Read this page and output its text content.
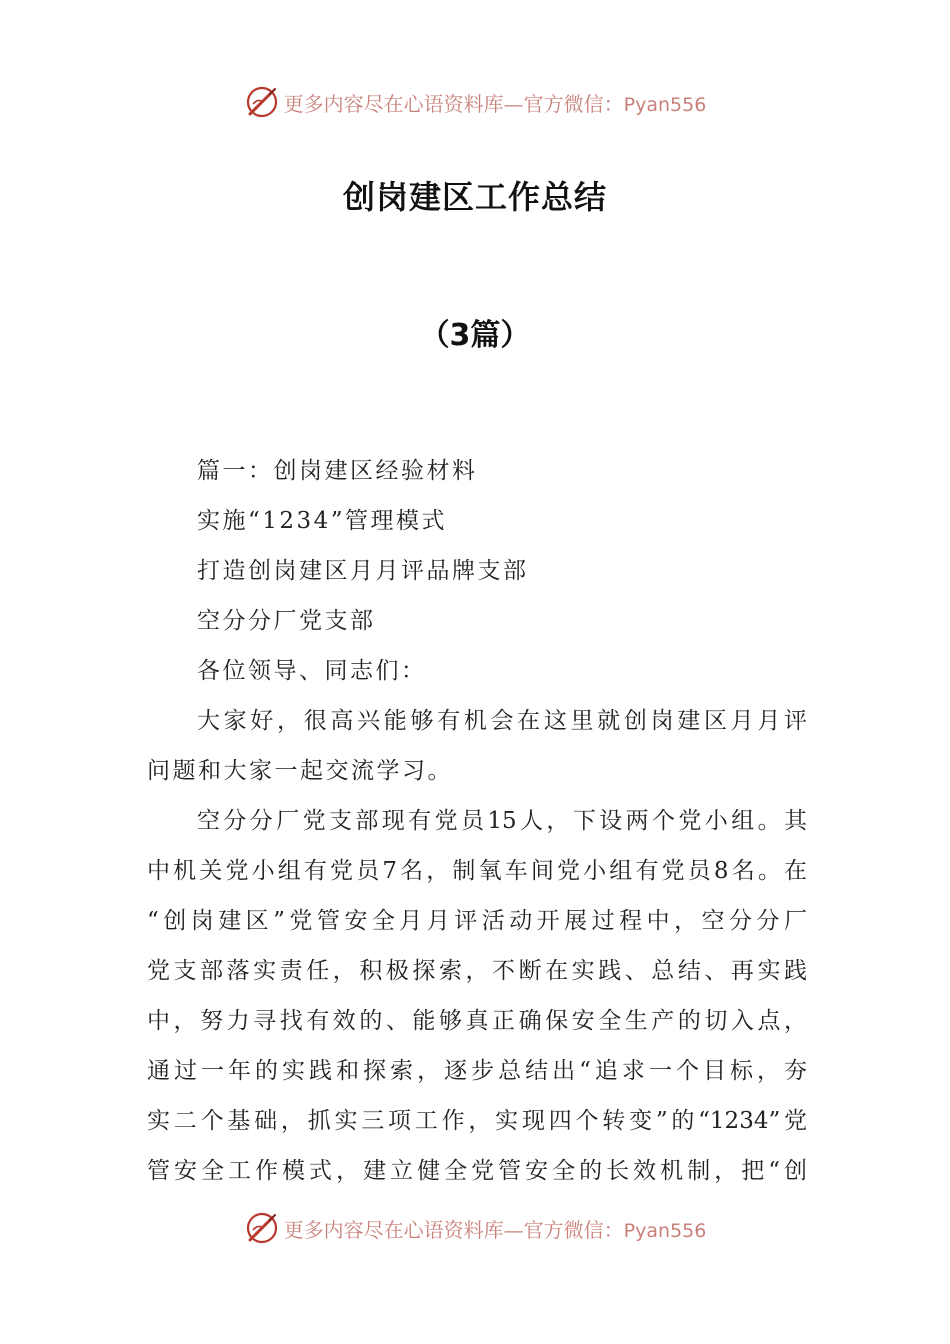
更多内容尽在心语资料库—官方微信：Pyan556
创岗建区工作总结
（3篇）
篇一：创岗建区经验材料
实施“1234”管理模式
打造创岗建区月月评品牌支部
空分分厂党支部
各位领导、同志们：
大家好，很高兴能够有机会在这里就创岗建区月月评
问题和大家一起交流学习。
空分分厂党支部现有党员15人，下设两个党小组。其
中机关党小组有党员7名，制氧车间党小组有党员8名。在
“创岗建区”党管安全月月评活动开展过程中，空分分厂
党支部落实责任，积极探索，不断在实践、总结、再实践
中，努力寻找有效的、能够真正确保安全生产的切入点，
通过一年的实践和探索，逐步总结出“追求一个目标，夯
实二个基础，抓实三项工作，实现四个转变”的“1234”党
管安全工作模式，建立健全党管安全的长效机制，把“创
更多内容尽在心语资料库—官方微信：Pyan556
